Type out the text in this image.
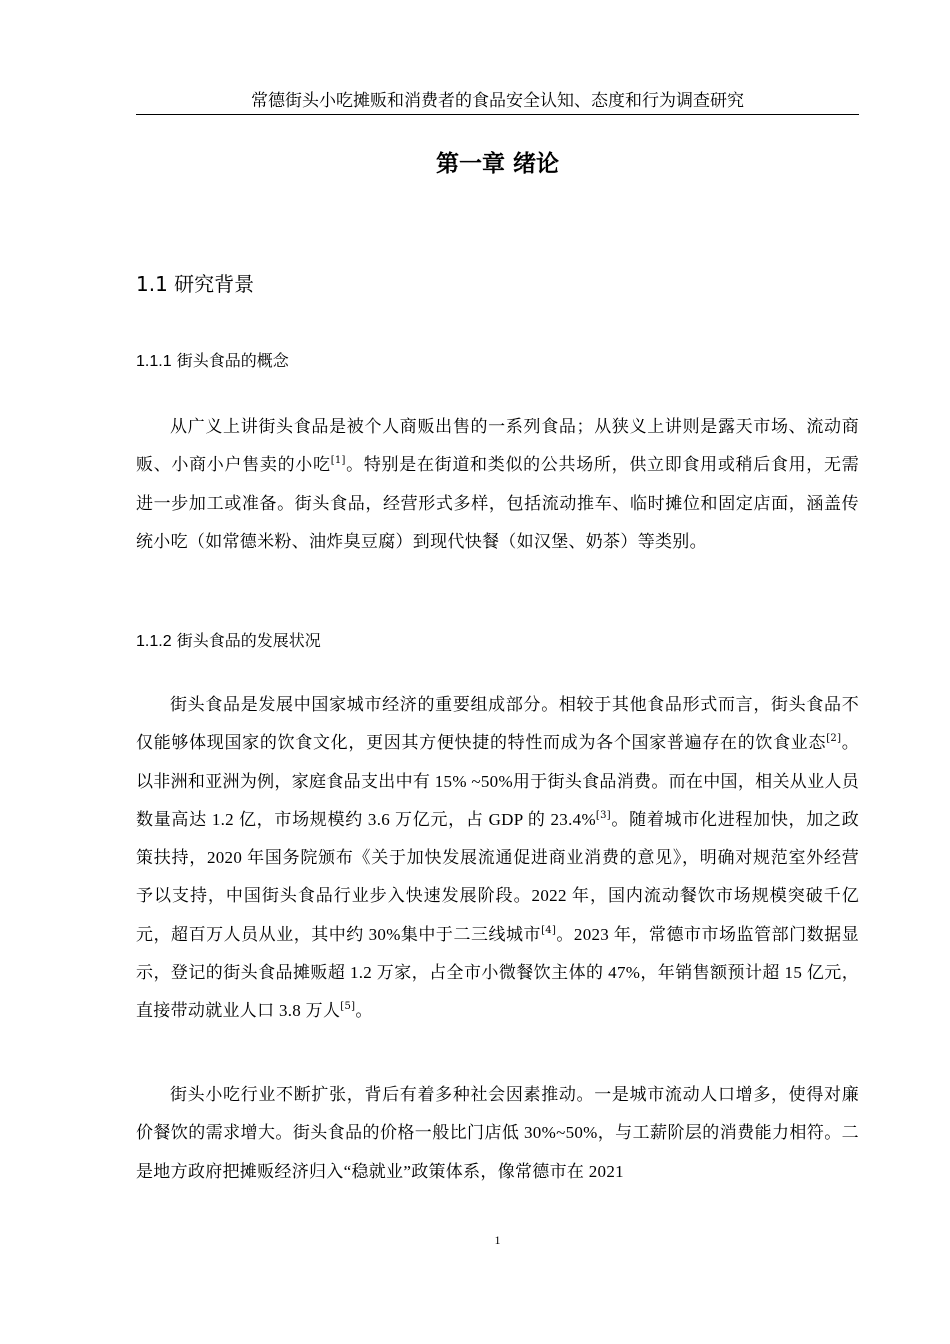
常德街头小吃摊贩和消费者的食品安全认知、态度和行为调查研究
第一章 绪论
1.1 研究背景
1.1.1 街头食品的概念
从广义上讲街头食品是被个人商贩出售的一系列食品；从狭义上讲则是露天市场、流动商贩、小商小户售卖的小吃[1]。特别是在街道和类似的公共场所，供立即食用或稍后食用，无需进一步加工或准备。街头食品，经营形式多样，包括流动推车、临时摊位和固定店面，涵盖传统小吃（如常德米粉、油炸臭豆腐）到现代快餐（如汉堡、奶茶）等类别。
1.1.2 街头食品的发展状况
街头食品是发展中国家城市经济的重要组成部分。相较于其他食品形式而言，街头食品不仅能够体现国家的饮食文化，更因其方便快捷的特性而成为各个国家普遍存在的饮食业态[2]。以非洲和亚洲为例，家庭食品支出中有 15% ~50%用于街头食品消费。而在中国，相关从业人员数量高达 1.2 亿，市场规模约 3.6 万亿元，占 GDP 的 23.4%[3]。随着城市化进程加快，加之政策扶持，2020 年国务院颁布《关于加快发展流通促进商业消费的意见》，明确对规范室外经营予以支持，中国街头食品行业步入快速发展阶段。2022 年，国内流动餐饮市场规模突破千亿元，超百万人员从业，其中约 30%集中于二三线城市[4]。2023 年，常德市市场监管部门数据显示，登记的街头食品摊贩超 1.2 万家，占全市小微餐饮主体的 47%，年销售额预计超 15 亿元，直接带动就业人口 3.8 万人[5]。
街头小吃行业不断扩张，背后有着多种社会因素推动。一是城市流动人口增多，使得对廉价餐饮的需求增大。街头食品的价格一般比门店低 30%~50%，与工薪阶层的消费能力相符。二是地方政府把摊贩经济归入“稳就业”政策体系，像常德市在 2021
1
